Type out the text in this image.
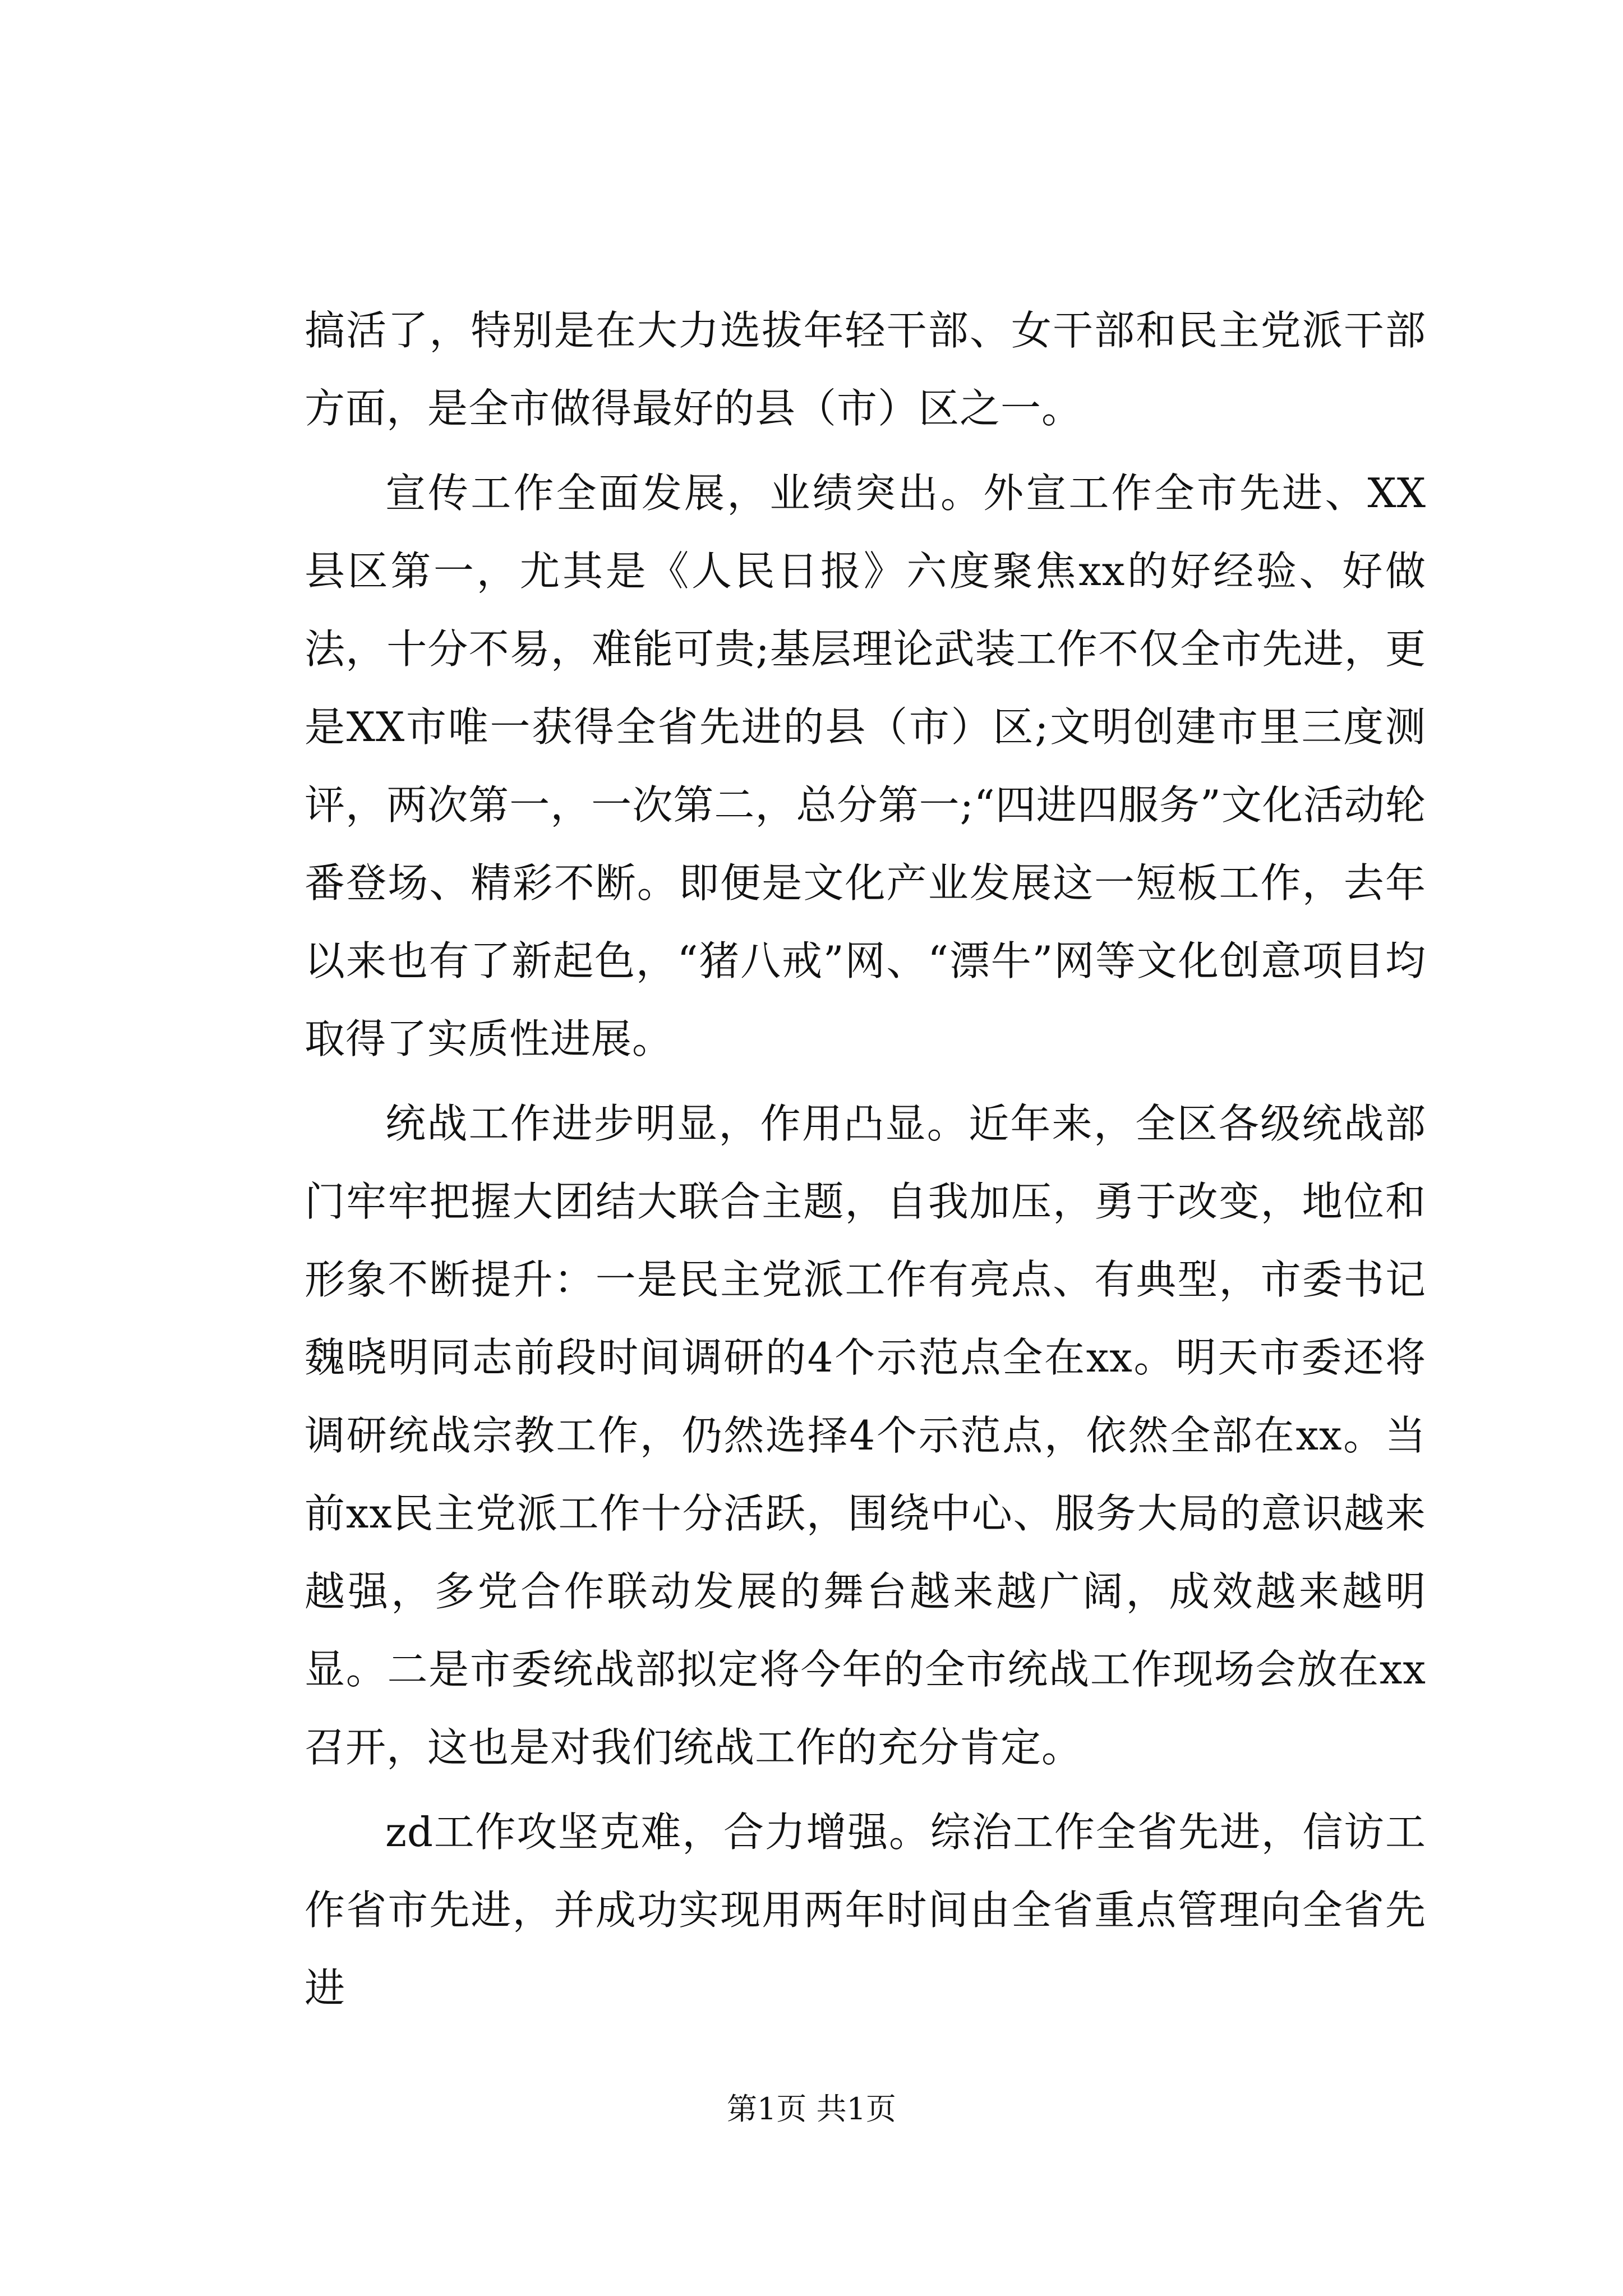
搞活了，特别是在大力选拔年轻干部、女干部和民主党派干部方面，是全市做得最好的县（市）区之一。

宣传工作全面发展，业绩突出。外宣工作全市先进、XX县区第一，尤其是《人民日报》六度聚焦xx的好经验、好做法，十分不易，难能可贵;基层理论武装工作不仅全市先进，更是XX市唯一获得全省先进的县（市）区;文明创建市里三度测评，两次第一，一次第二，总分第一;“四进四服务”文化活动轮番登场、精彩不断。即便是文化产业发展这一短板工作，去年以来也有了新起色，“猪八戒”网、“漂牛”网等文化创意项目均取得了实质性进展。

统战工作进步明显，作用凸显。近年来，全区各级统战部门牢牢把握大团结大联合主题，自我加压，勇于改变，地位和形象不断提升：一是民主党派工作有亮点、有典型，市委书记魏晓明同志前段时间调研的4个示范点全在xx。明天市委还将调研统战宗教工作，仍然选择4个示范点，依然全部在xx。当前xx民主党派工作十分活跃，围绕中心、服务大局的意识越来越强，多党合作联动发展的舞台越来越广阔，成效越来越明显。二是市委统战部拟定将今年的全市统战工作现场会放在xx召开，这也是对我们统战工作的充分肯定。

zd工作攻坚克难，合力增强。综治工作全省先进，信访工作省市先进，并成功实现用两年时间由全省重点管理向全省先进

第1页 共1页
